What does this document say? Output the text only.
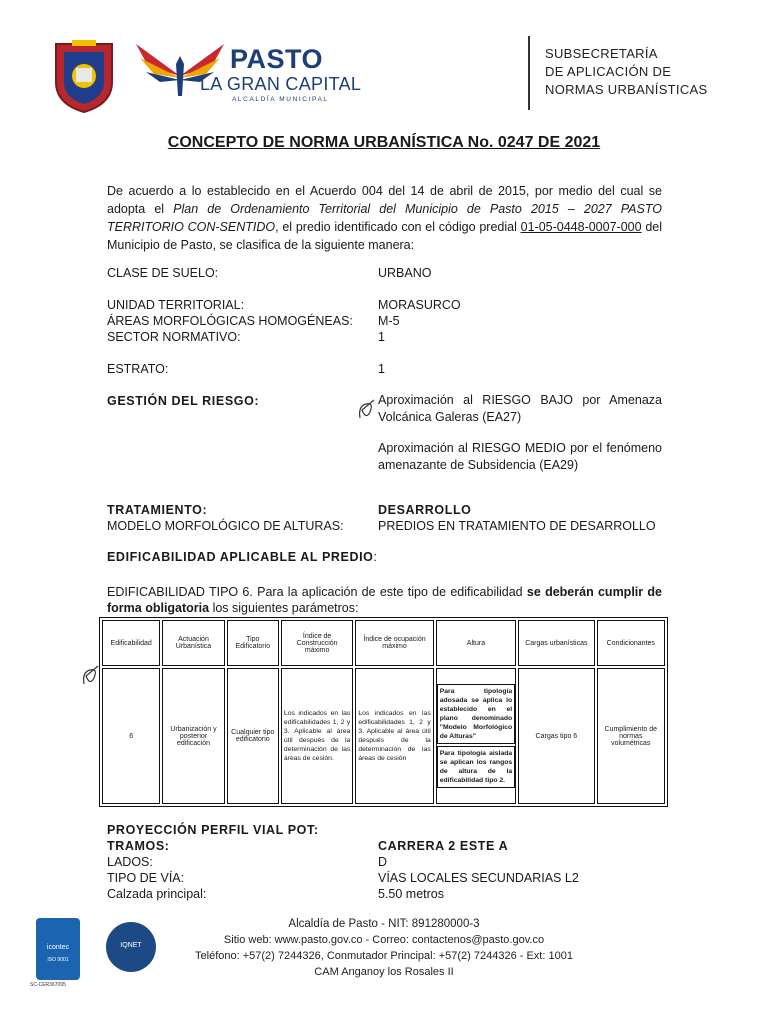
PASTO
LA GRAN CAPITAL
ALCALDÍA MUNICIPAL
SUBSECRETARÍA
DE APLICACIÓN DE
NORMAS URBANÍSTICAS
CONCEPTO DE NORMA URBANÍSTICA No. 0247 DE 2021
De acuerdo a lo establecido en el Acuerdo 004 del 14 de abril de 2015, por medio del cual se adopta el Plan de Ordenamiento Territorial del Municipio de Pasto 2015 – 2027 PASTO TERRITORIO CON-SENTIDO, el predio identificado con el código predial 01-05-0448-0007-000 del Municipio de Pasto, se clasifica de la siguiente manera:
CLASE DE SUELO:	URBANO
UNIDAD TERRITORIAL:	MORASURCO
ÁREAS MORFOLÓGICAS HOMOGÉNEAS: M-5
SECTOR NORMATIVO:	1
ESTRATO:	1
GESTIÓN DEL RIESGO:	Aproximación al RIESGO BAJO por Amenaza Volcánica Galeras (EA27)
Aproximación al RIESGO MEDIO por el fenómeno amenazante de Subsidencia (EA29)
TRATAMIENTO:	DESARROLLO
MODELO MORFOLÓGICO DE ALTURAS:	PREDIOS EN TRATAMIENTO DE DESARROLLO
EDIFICABILIDAD APLICABLE AL PREDIO:
EDIFICABILIDAD TIPO 6. Para la aplicación de este tipo de edificabilidad se deberán cumplir de forma obligatoria los siguientes parámetros:
Edificabilidad	Actuación Urbanística	Tipo Edificatorio	Índice de Construcción máximo	Índice de ocupación máximo	Altura	Cargas urbanísticas	Condicionantes
6	Urbanización y posterior edificación	Cualquier tipo edificatorio	Los indicados en las edificabilidades 1, 2 y 3. Aplicable al área útil después de la determinación de las áreas de cesión.	Los indicados en las edificabilidades 1, 2 y 3. Aplicable al área útil después de la determinación de las áreas de cesión	Para tipología adosada se aplica lo establecido en el plano denominado "Modelo Morfológico de Alturas"
Para tipología aislada se aplican los rangos de altura de la edificabilidad tipo 2.	Cargas tipo 6	Cumplimiento de normas volumétricas
PROYECCIÓN PERFIL VIAL POT:
TRAMOS:	CARRERA 2 ESTE A
LADOS:	D
TIPO DE VÍA:	VÍAS LOCALES SECUNDARIAS L2
Calzada principal:	5.50 metros
icontec
ISO 9001
SC-CER367095
IQNET
Alcaldía de Pasto - NIT: 891280000-3
Sitio web: www.pasto.gov.co - Correo: contactenos@pasto.gov.co
Teléfono: +57(2) 7244326, Conmutador Principal: +57(2) 7244326 - Ext: 1001
CAM Anganoy los Rosales II
